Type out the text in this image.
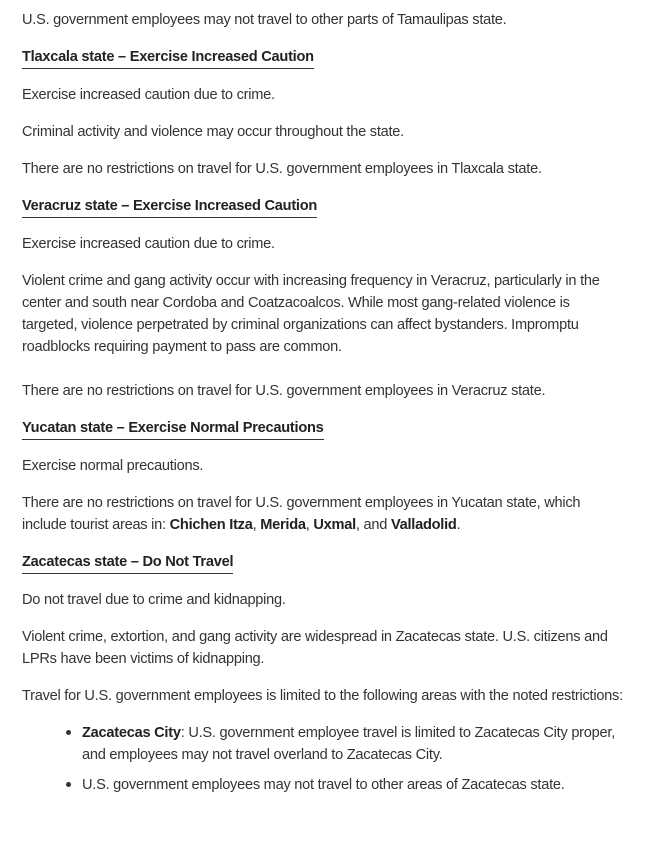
U.S. government employees may not travel to other parts of Tamaulipas state.

Tlaxcala state – Exercise Increased Caution

Exercise increased caution due to crime.

Criminal activity and violence may occur throughout the state.

There are no restrictions on travel for U.S. government employees in Tlaxcala state.

Veracruz state – Exercise Increased Caution

Exercise increased caution due to crime.

Violent crime and gang activity occur with increasing frequency in Veracruz, particularly in the center and south near Cordoba and Coatzacoalcos. While most gang-related violence is targeted, violence perpetrated by criminal organizations can affect bystanders. Impromptu roadblocks requiring payment to pass are common.

There are no restrictions on travel for U.S. government employees in Veracruz state.

Yucatan state – Exercise Normal Precautions

Exercise normal precautions.

There are no restrictions on travel for U.S. government employees in Yucatan state, which include tourist areas in: Chichen Itza, Merida, Uxmal, and Valladolid.

Zacatecas state – Do Not Travel

Do not travel due to crime and kidnapping.

Violent crime, extortion, and gang activity are widespread in Zacatecas state. U.S. citizens and LPRs have been victims of kidnapping.

Travel for U.S. government employees is limited to the following areas with the noted restrictions:

Zacatecas City: U.S. government employee travel is limited to Zacatecas City proper, and employees may not travel overland to Zacatecas City.
U.S. government employees may not travel to other areas of Zacatecas state.
